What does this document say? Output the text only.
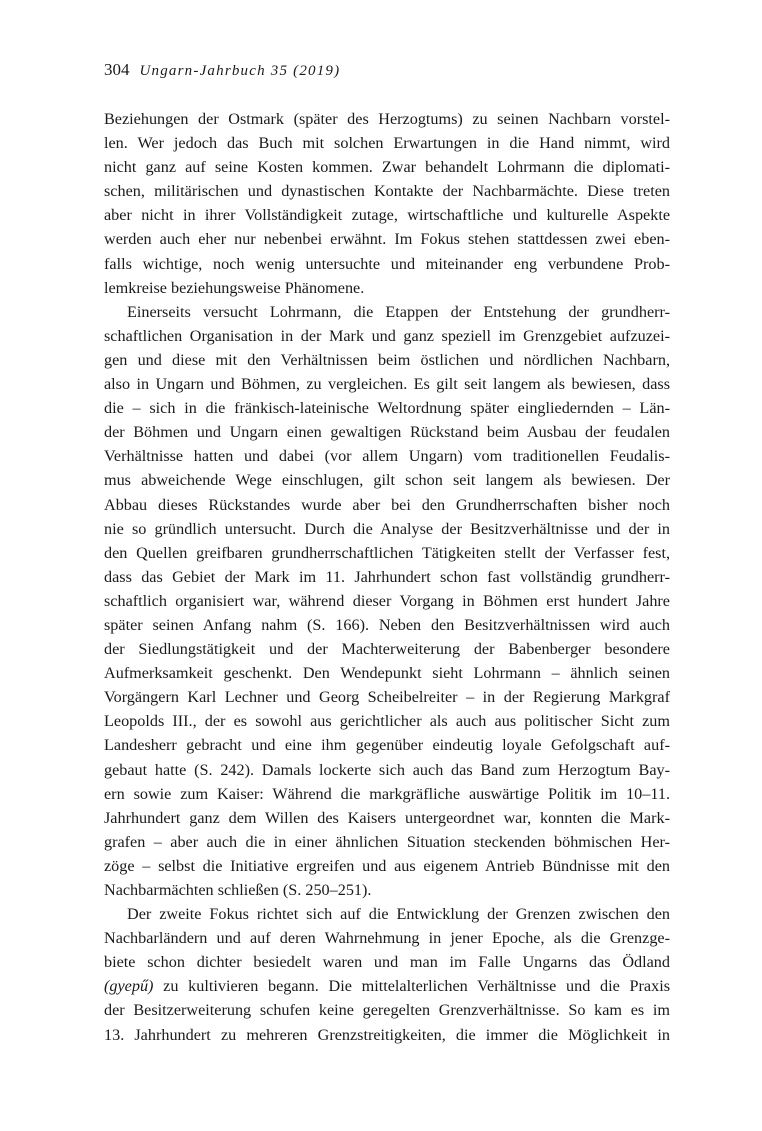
304 Ungarn-Jahrbuch 35 (2019)
Beziehungen der Ostmark (später des Herzogtums) zu seinen Nachbarn vorstel-
len. Wer jedoch das Buch mit solchen Erwartungen in die Hand nimmt, wird
nicht ganz auf seine Kosten kommen. Zwar behandelt Lohrmann die diplomati-
schen, militärischen und dynastischen Kontakte der Nachbarmächte. Diese treten
aber nicht in ihrer Vollständigkeit zutage, wirtschaftliche und kulturelle Aspekte
werden auch eher nur nebenbei erwähnt. Im Fokus stehen stattdessen zwei eben-
falls wichtige, noch wenig untersuchte und miteinander eng verbundene Prob-
lemkreise beziehungsweise Phänomene.
Einerseits versucht Lohrmann, die Etappen der Entstehung der grundherr-
schaftlichen Organisation in der Mark und ganz speziell im Grenzgebiet aufzuzei-
gen und diese mit den Verhältnissen beim östlichen und nördlichen Nachbarn,
also in Ungarn und Böhmen, zu vergleichen. Es gilt seit langem als bewiesen, dass
die – sich in die fränkisch-lateinische Weltordnung später eingliedernden – Län-
der Böhmen und Ungarn einen gewaltigen Rückstand beim Ausbau der feudalen
Verhältnisse hatten und dabei (vor allem Ungarn) vom traditionellen Feudalis-
mus abweichende Wege einschlugen, gilt schon seit langem als bewiesen. Der
Abbau dieses Rückstandes wurde aber bei den Grundherrschaften bisher noch
nie so gründlich untersucht. Durch die Analyse der Besitzverhältnisse und der in
den Quellen greifbaren grundherrschaftlichen Tätigkeiten stellt der Verfasser fest,
dass das Gebiet der Mark im 11. Jahrhundert schon fast vollständig grundherr-
schaftlich organisiert war, während dieser Vorgang in Böhmen erst hundert Jahre
später seinen Anfang nahm (S. 166). Neben den Besitzverhältnissen wird auch
der Siedlungstätigkeit und der Machterweiterung der Babenberger besondere
Aufmerksamkeit geschenkt. Den Wendepunkt sieht Lohrmann – ähnlich seinen
Vorgängern Karl Lechner und Georg Scheibelreiter – in der Regierung Markgraf
Leopolds III., der es sowohl aus gerichtlicher als auch aus politischer Sicht zum
Landesherr gebracht und eine ihm gegenüber eindeutig loyale Gefolgschaft auf-
gebaut hatte (S. 242). Damals lockerte sich auch das Band zum Herzogtum Bay-
ern sowie zum Kaiser: Während die markgräfliche auswärtige Politik im 10–11.
Jahrhundert ganz dem Willen des Kaisers untergeordnet war, konnten die Mark-
grafen – aber auch die in einer ähnlichen Situation steckenden böhmischen Her-
zöge – selbst die Initiative ergreifen und aus eigenem Antrieb Bündnisse mit den
Nachbarmächten schließen (S. 250–251).
Der zweite Fokus richtet sich auf die Entwicklung der Grenzen zwischen den
Nachbarländern und auf deren Wahrnehmung in jener Epoche, als die Grenzge-
biete schon dichter besiedelt waren und man im Falle Ungarns das Ödland
(gyepű) zu kultivieren begann. Die mittelalterlichen Verhältnisse und die Praxis
der Besitzerweiterung schufen keine geregelten Grenzverhältnisse. So kam es im
13. Jahrhundert zu mehreren Grenzstreitigkeiten, die immer die Möglichkeit in
